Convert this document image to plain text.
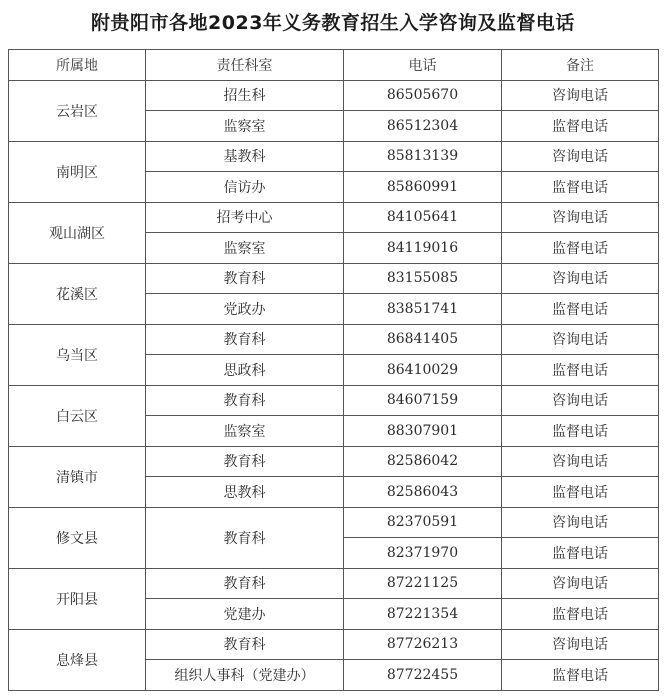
附贵阳市各地2023年义务教育招生入学咨询及监督电话
所属地	责任科室	电话	备注
云岩区	招生科	86505670	咨询电话
	监察室	86512304	监督电话
南明区	基教科	85813139	咨询电话
	信访办	85860991	监督电话
观山湖区	招考中心	84105641	咨询电话
	监察室	84119016	监督电话
花溪区	教育科	83155085	咨询电话
	党政办	83851741	监督电话
乌当区	教育科	86841405	咨询电话
	思政科	86410029	监督电话
白云区	教育科	84607159	咨询电话
	监察室	88307901	监督电话
清镇市	教育科	82586042	咨询电话
	思教科	82586043	监督电话
修文县	教育科	82370591	咨询电话
		82371970	监督电话
开阳县	教育科	87221125	咨询电话
	党建办	87221354	监督电话
息烽县	教育科	87726213	咨询电话
	组织人事科（党建办）	87722455	监督电话
